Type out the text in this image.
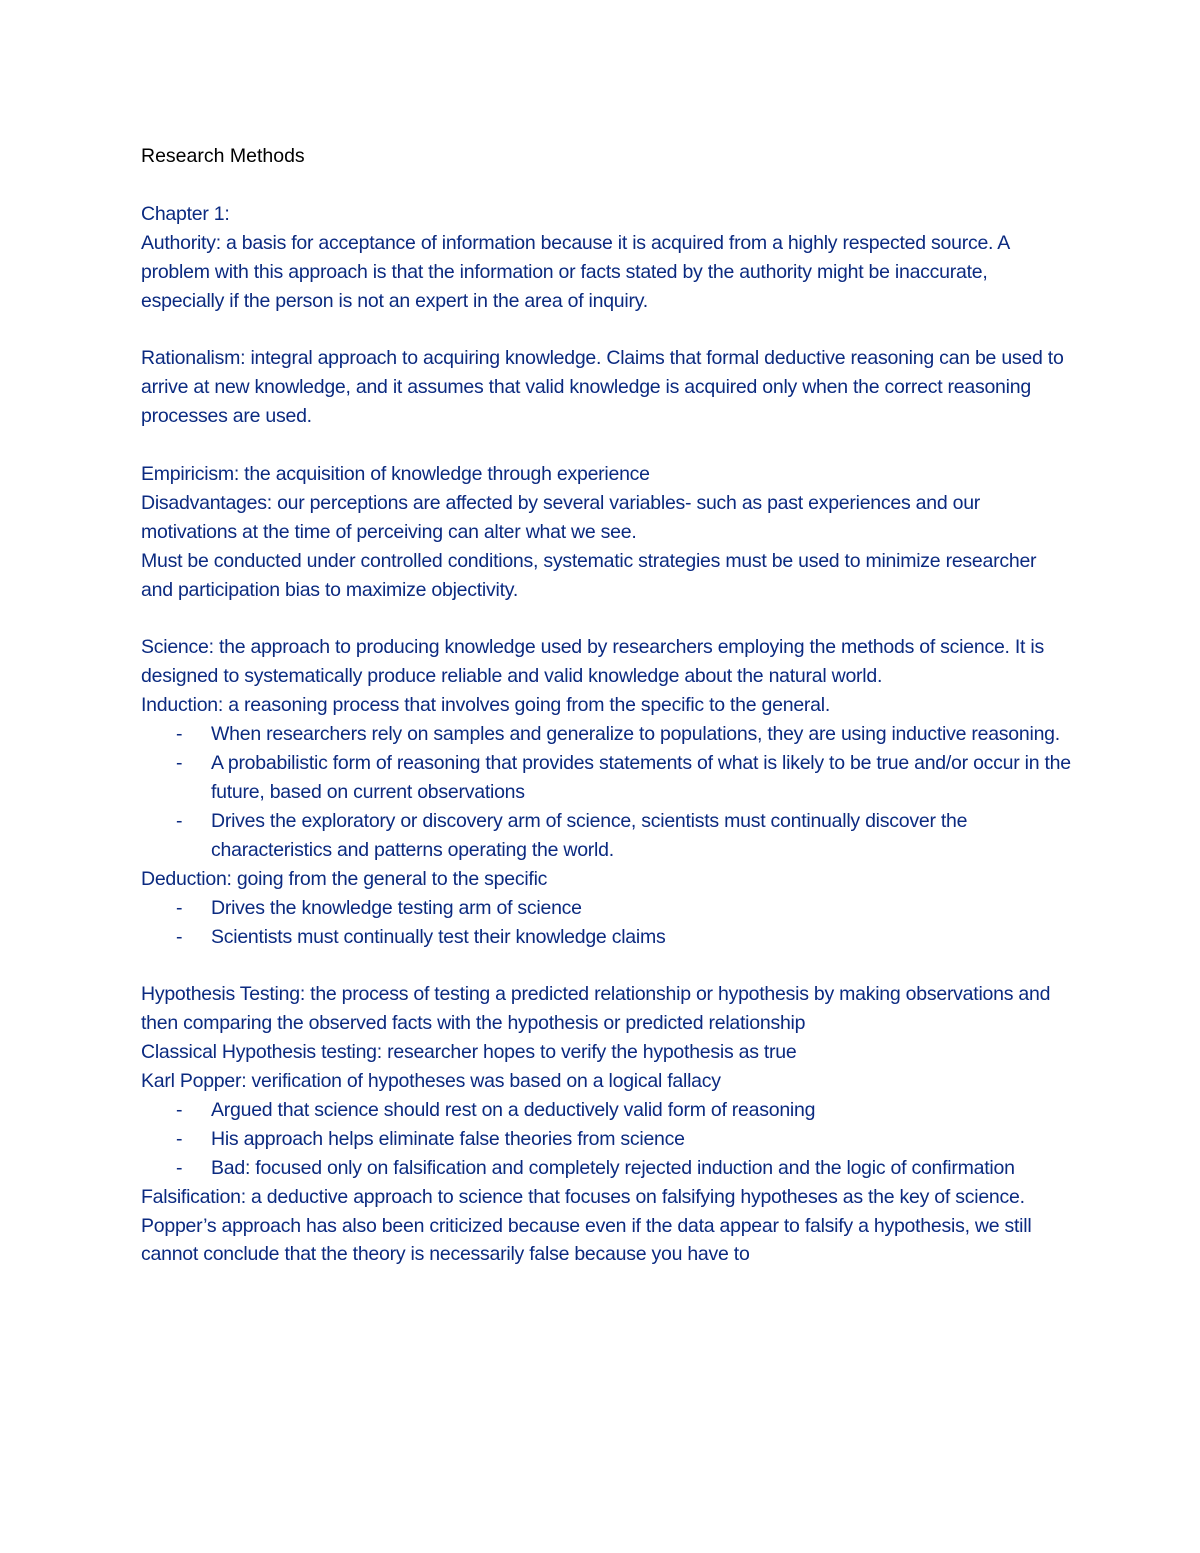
Research Methods

Chapter 1:

Authority: a basis for acceptance of information because it is acquired from a highly respected source. A problem with this approach is that the information or facts stated by the authority might be inaccurate, especially if the person is not an expert in the area of inquiry.

Rationalism: integral approach to acquiring knowledge. Claims that formal deductive reasoning can be used to arrive at new knowledge, and it assumes that valid knowledge is acquired only when the correct reasoning processes are used.

Empiricism: the acquisition of knowledge through experience

Disadvantages: our perceptions are affected by several variables- such as past experiences and our motivations at the time of perceiving can alter what we see.

Must be conducted under controlled conditions, systematic strategies must be used to minimize researcher and participation bias to maximize objectivity.

Science: the approach to producing knowledge used by researchers employing the methods of science. It is designed to systematically produce reliable and valid knowledge about the natural world.

Induction: a reasoning process that involves going from the specific to the general.

- When researchers rely on samples and generalize to populations, they are using inductive reasoning.
- A probabilistic form of reasoning that provides statements of what is likely to be true and/or occur in the future, based on current observations
- Drives the exploratory or discovery arm of science, scientists must continually discover the characteristics and patterns operating the world.

Deduction: going from the general to the specific

- Drives the knowledge testing arm of science
- Scientists must continually test their knowledge claims

Hypothesis Testing: the process of testing a predicted relationship or hypothesis by making observations and then comparing the observed facts with the hypothesis or predicted relationship

Classical Hypothesis testing: researcher hopes to verify the hypothesis as true

Karl Popper: verification of hypotheses was based on a logical fallacy

- Argued that science should rest on a deductively valid form of reasoning
- His approach helps eliminate false theories from science
- Bad: focused only on falsification and completely rejected induction and the logic of confirmation

Falsification: a deductive approach to science that focuses on falsifying hypotheses as the key of science.

Popper’s approach has also been criticized because even if the data appear to falsify a hypothesis, we still cannot conclude that the theory is necessarily false because you have to
